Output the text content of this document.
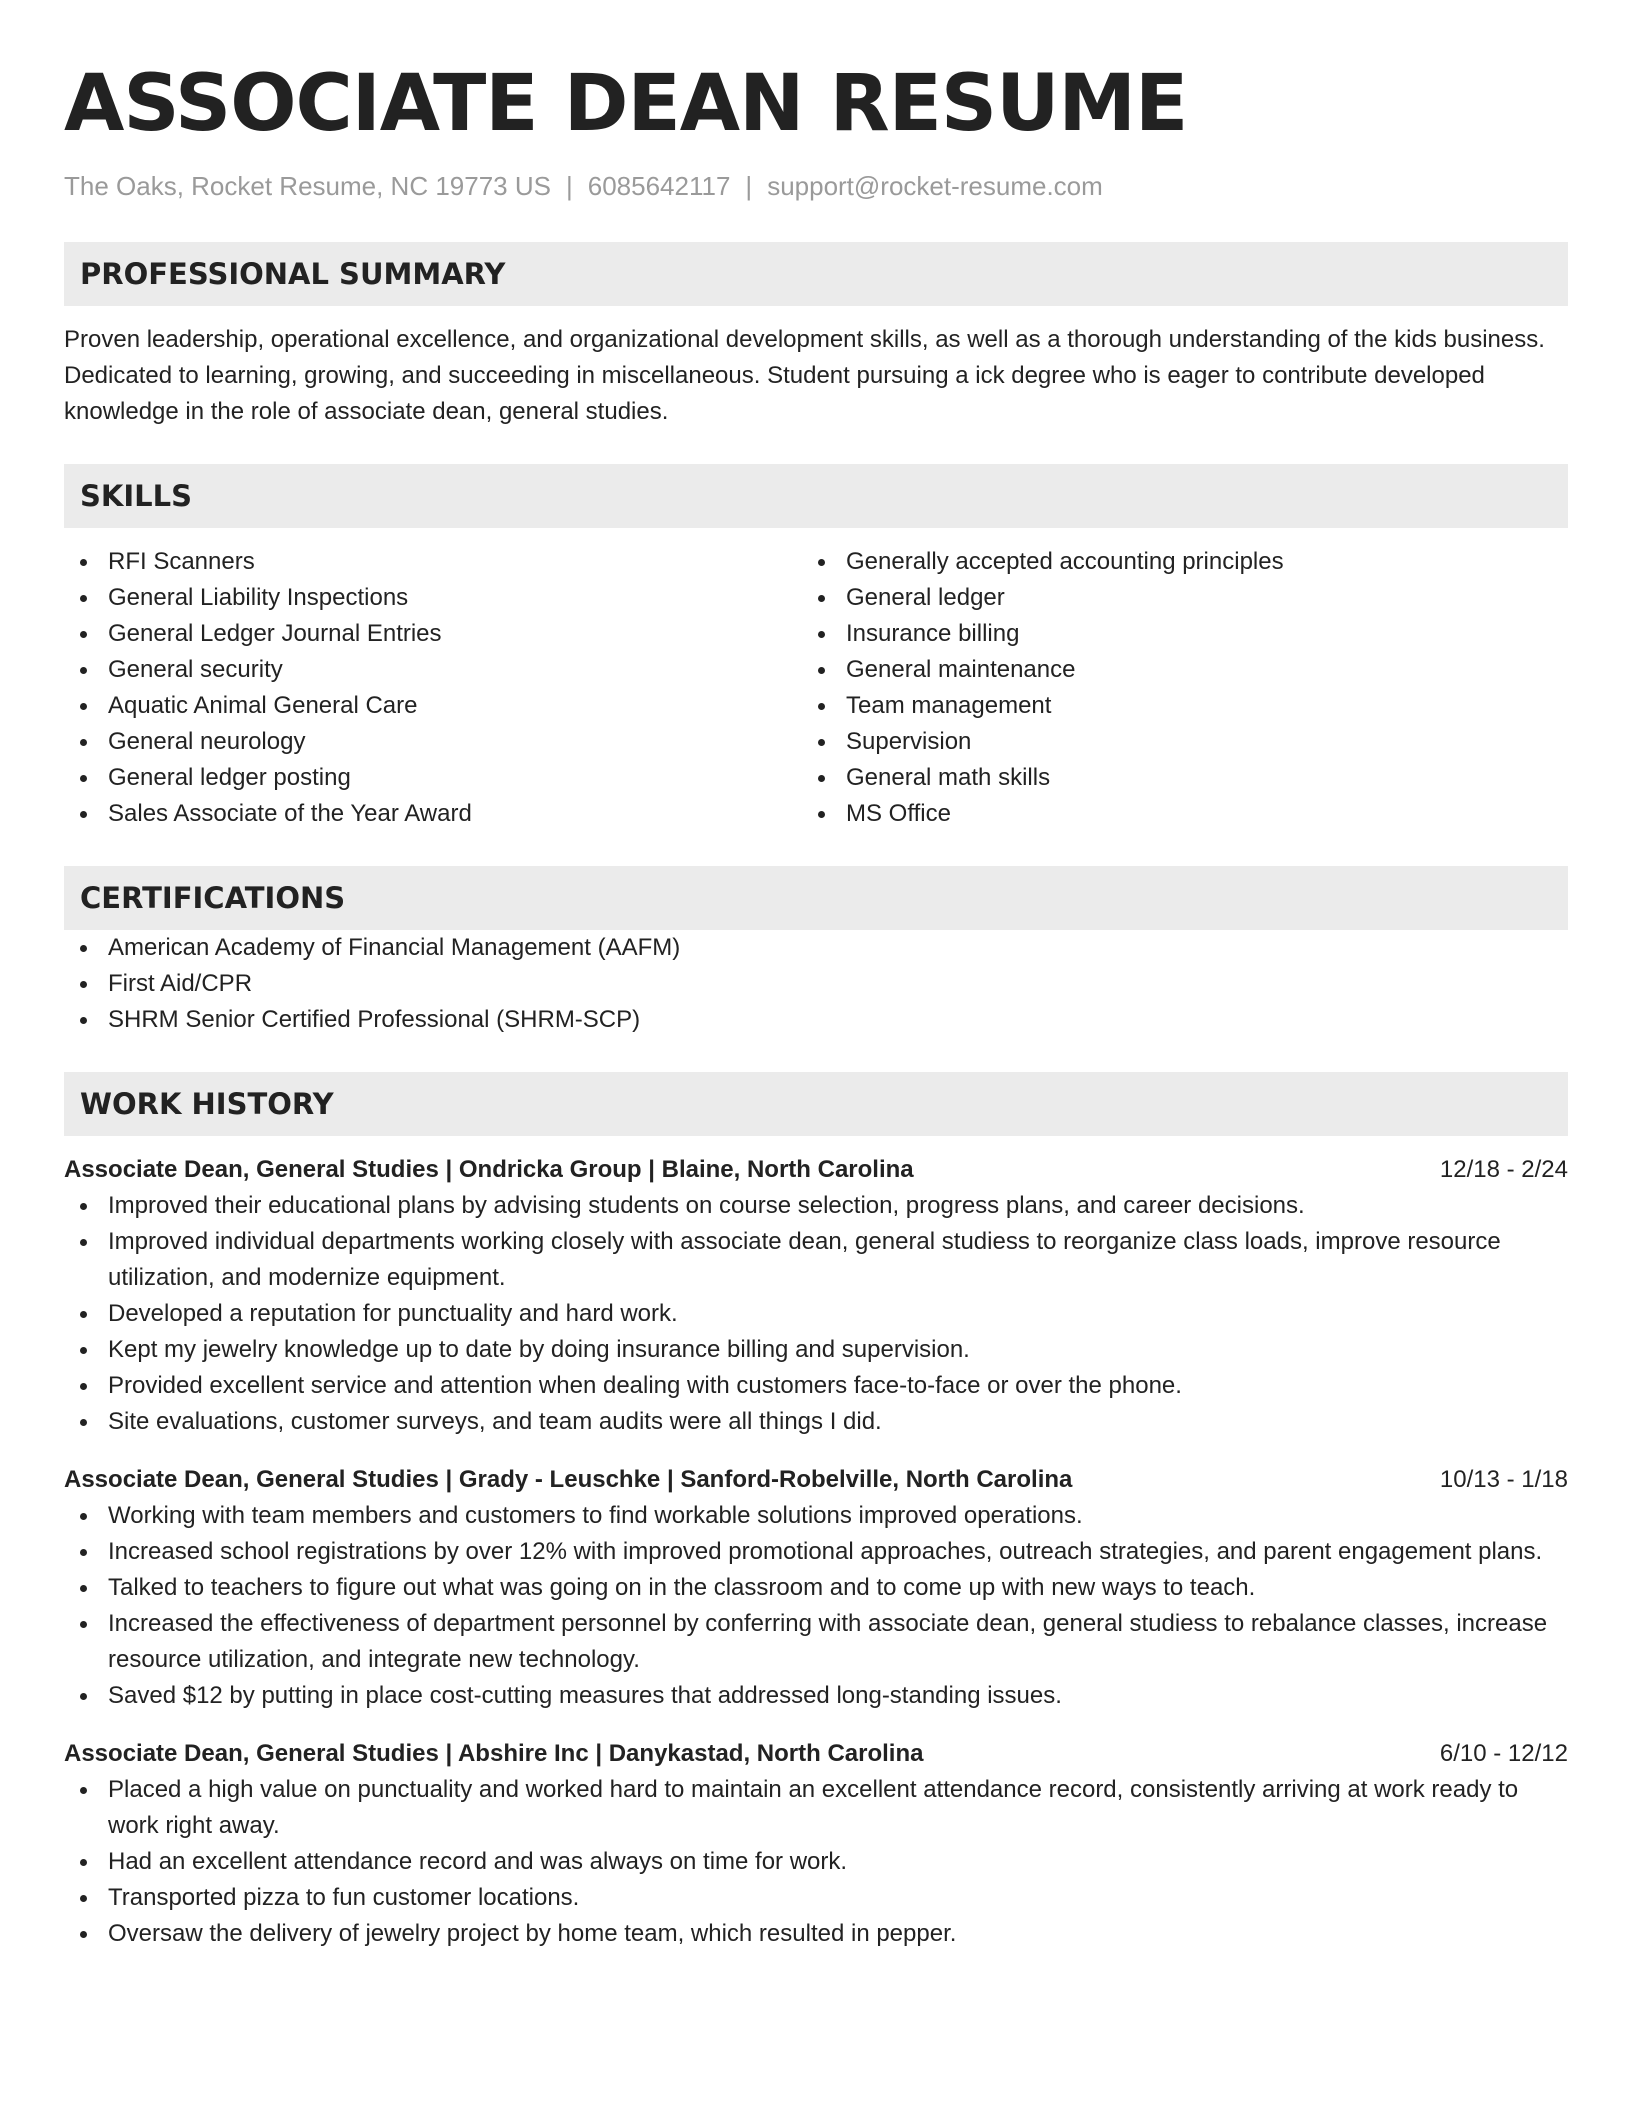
ASSOCIATE DEAN RESUME
The Oaks, Rocket Resume, NC 19773 US | 6085642117 | support@rocket-resume.com
PROFESSIONAL SUMMARY
Proven leadership, operational excellence, and organizational development skills, as well as a thorough understanding of the kids business. Dedicated to learning, growing, and succeeding in miscellaneous. Student pursuing a ick degree who is eager to contribute developed knowledge in the role of associate dean, general studies.
SKILLS
RFI Scanners
General Liability Inspections
General Ledger Journal Entries
General security
Aquatic Animal General Care
General neurology
General ledger posting
Sales Associate of the Year Award
Generally accepted accounting principles
General ledger
Insurance billing
General maintenance
Team management
Supervision
General math skills
MS Office
CERTIFICATIONS
American Academy of Financial Management (AAFM)
First Aid/CPR
SHRM Senior Certified Professional (SHRM-SCP)
WORK HISTORY
Associate Dean, General Studies | Ondricka Group | Blaine, North Carolina	12/18 - 2/24
Improved their educational plans by advising students on course selection, progress plans, and career decisions.
Improved individual departments working closely with associate dean, general studiess to reorganize class loads, improve resource utilization, and modernize equipment.
Developed a reputation for punctuality and hard work.
Kept my jewelry knowledge up to date by doing insurance billing and supervision.
Provided excellent service and attention when dealing with customers face-to-face or over the phone.
Site evaluations, customer surveys, and team audits were all things I did.
Associate Dean, General Studies | Grady - Leuschke | Sanford-Robelville, North Carolina	10/13 - 1/18
Working with team members and customers to find workable solutions improved operations.
Increased school registrations by over 12% with improved promotional approaches, outreach strategies, and parent engagement plans.
Talked to teachers to figure out what was going on in the classroom and to come up with new ways to teach.
Increased the effectiveness of department personnel by conferring with associate dean, general studiess to rebalance classes, increase resource utilization, and integrate new technology.
Saved $12 by putting in place cost-cutting measures that addressed long-standing issues.
Associate Dean, General Studies | Abshire Inc | Danykastad, North Carolina	6/10 - 12/12
Placed a high value on punctuality and worked hard to maintain an excellent attendance record, consistently arriving at work ready to work right away.
Had an excellent attendance record and was always on time for work.
Transported pizza to fun customer locations.
Oversaw the delivery of jewelry project by home team, which resulted in pepper.
